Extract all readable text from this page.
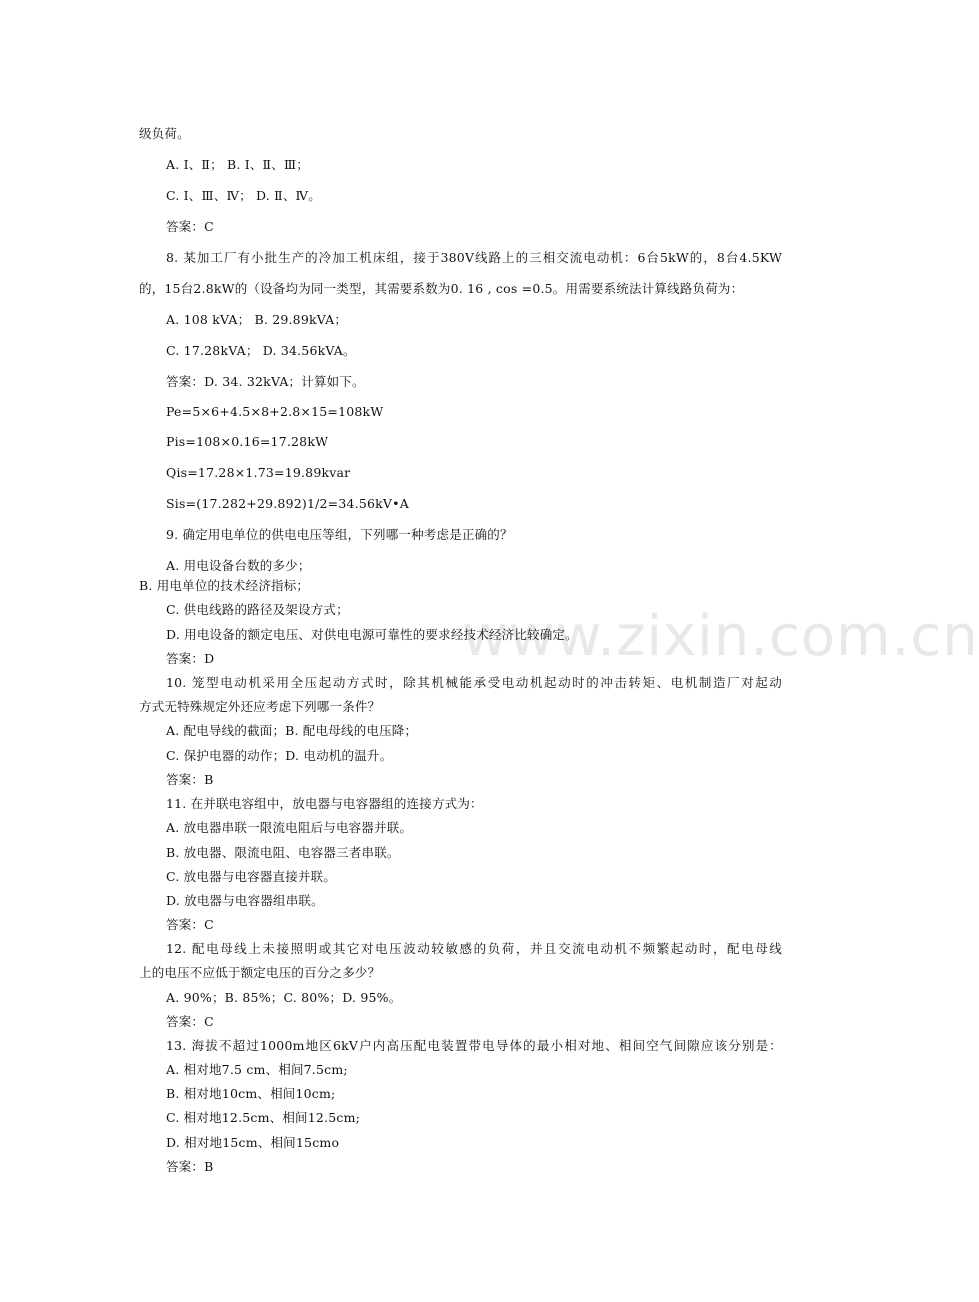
www.zixin.com.cn
级负荷。
A. Ⅰ、Ⅱ； B. Ⅰ、Ⅱ、Ⅲ；
C. Ⅰ、Ⅲ、Ⅳ； D. Ⅱ、Ⅳ。
答案：C
8. 某加工厂有小批生产的冷加工机床组，接于380V线路上的三相交流电动机：6台5kW的，8台4.5KW
的，15台2.8kW的（设备均为同一类型，其需要系数为0. 16 , cos =0.5。用需要系统法计算线路负荷为：
A. 108 kVA； B. 29.89kVA；
C. 17.28kVA； D. 34.56kVA。
答案：D. 34. 32kVA；计算如下。
Pe=5×6+4.5×8+2.8×15=108kW
Pis=108×0.16=17.28kW
Qis=17.28×1.73=19.89kvar
Sis=(17.282+29.892)1/2=34.56kV•A
9. 确定用电单位的供电电压等组，下列哪一种考虑是正确的？
A. 用电设备台数的多少；
B. 用电单位的技术经济指标；
C. 供电线路的路径及架设方式；
D. 用电设备的额定电压、对供电电源可靠性的要求经技术经济比较确定。
答案：D
10. 笼型电动机采用全压起动方式时，除其机械能承受电动机起动时的冲击转矩、电机制造厂对起动
方式无特殊规定外还应考虑下列哪一条件？
A. 配电导线的截面；B. 配电母线的电压降；
C. 保护电器的动作；D. 电动机的温升。
答案：B
11. 在并联电容组中，放电器与电容器组的连接方式为：
A. 放电器串联一限流电阻后与电容器并联。
B. 放电器、限流电阻、电容器三者串联。
C. 放电器与电容器直接并联。
D. 放电器与电容器组串联。
答案：C
12. 配电母线上未接照明或其它对电压波动较敏感的负荷，并且交流电动机不频繁起动时，配电母线
上的电压不应低于额定电压的百分之多少？
A. 90%；B. 85%；C. 80%；D. 95%。
答案：C
13. 海拔不超过1000m地区6kV户内高压配电装置带电导体的最小相对地、相间空气间隙应该分别是：
A. 相对地7.5 cm、相间7.5cm;
B. 相对地10cm、相间10cm;
C. 相对地12.5cm、相间12.5cm;
D. 相对地15cm、相间15cmo
答案：B
